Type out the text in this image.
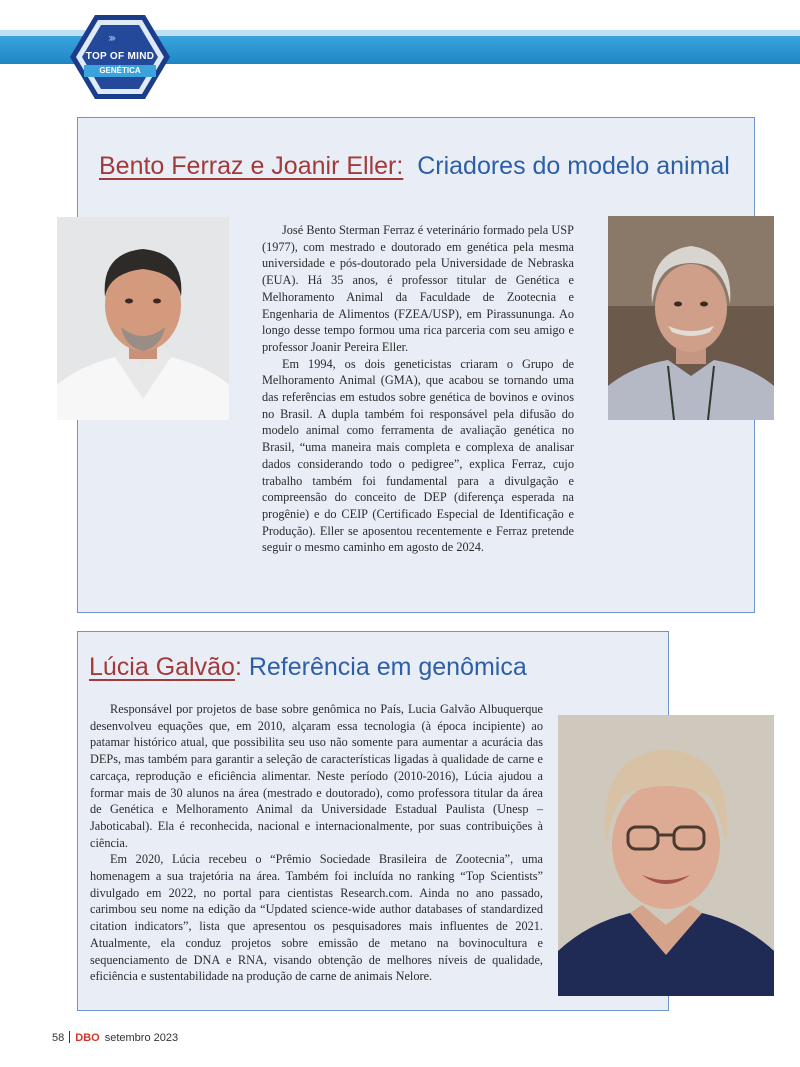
›››
TOP OF MIND
GENÉTICA
Bento Ferraz e Joanir Eller: Criadores do modelo animal

José Bento Sterman Ferraz é veterinário formado pela USP (1977), com mestrado e doutorado em genética pela mesma universidade e pós-doutorado pela Universidade de Nebraska (EUA). Há 35 anos, é professor titular de Genética e Melhoramento Animal da Faculdade de Zootecnia e Engenharia de Alimentos (FZEA/USP), em Pirassununga. Ao longo desse tempo formou uma rica parceria com seu amigo e professor Joanir Pereira Eller.

Em 1994, os dois geneticistas criaram o Grupo de Melhoramento Animal (GMA), que acabou se tornando uma das referências em estudos sobre genética de bovinos e ovinos no Brasil. A dupla também foi responsável pela difusão do modelo animal como ferramenta de avaliação genética no Brasil, “uma maneira mais completa e complexa de analisar dados considerando todo o pedigree”, explica Ferraz, cujo trabalho também foi fundamental para a divulgação e compreensão do conceito de DEP (diferença esperada na progênie) e do CEIP (Certificado Especial de Identificação e Produção). Eller se aposentou recentemente e Ferraz pretende seguir o mesmo caminho em agosto de 2024.

Lúcia Galvão: Referência em genômica

Responsável por projetos de base sobre genômica no País, Lucia Galvão Albuquerque desenvolveu equações que, em 2010, alçaram essa tecnologia (à época incipiente) ao patamar histórico atual, que possibilita seu uso não somente para aumentar a acurácia das DEPs, mas também para garantir a seleção de características ligadas à qualidade de carne e carcaça, reprodução e eficiência alimentar. Neste período (2010-2016), Lúcia ajudou a formar mais de 30 alunos na área (mestrado e doutorado), como professora titular da área de Genética e Melhoramento Animal da Universidade Estadual Paulista (Unesp – Jaboticabal). Ela é reconhecida, nacional e internacionalmente, por suas contribuições à ciência.

Em 2020, Lúcia recebeu o “Prêmio Sociedade Brasileira de Zootecnia”, uma homenagem a sua trajetória na área. Também foi incluída no ranking “Top Scientists” divulgado em 2022, no portal para cientistas Research.com. Ainda no ano passado, carimbou seu nome na edição da “Updated science-wide author databases of standardized citation indicators”, lista que apresentou os pesquisadores mais influentes de 2021. Atualmente, ela conduz projetos sobre emissão de metano na bovinocultura e sequenciamento de DNA e RNA, visando obtenção de melhores níveis de qualidade, eficiência e sustentabilidade na produção de carne de animais Nelore.

58 DBO setembro 2023
